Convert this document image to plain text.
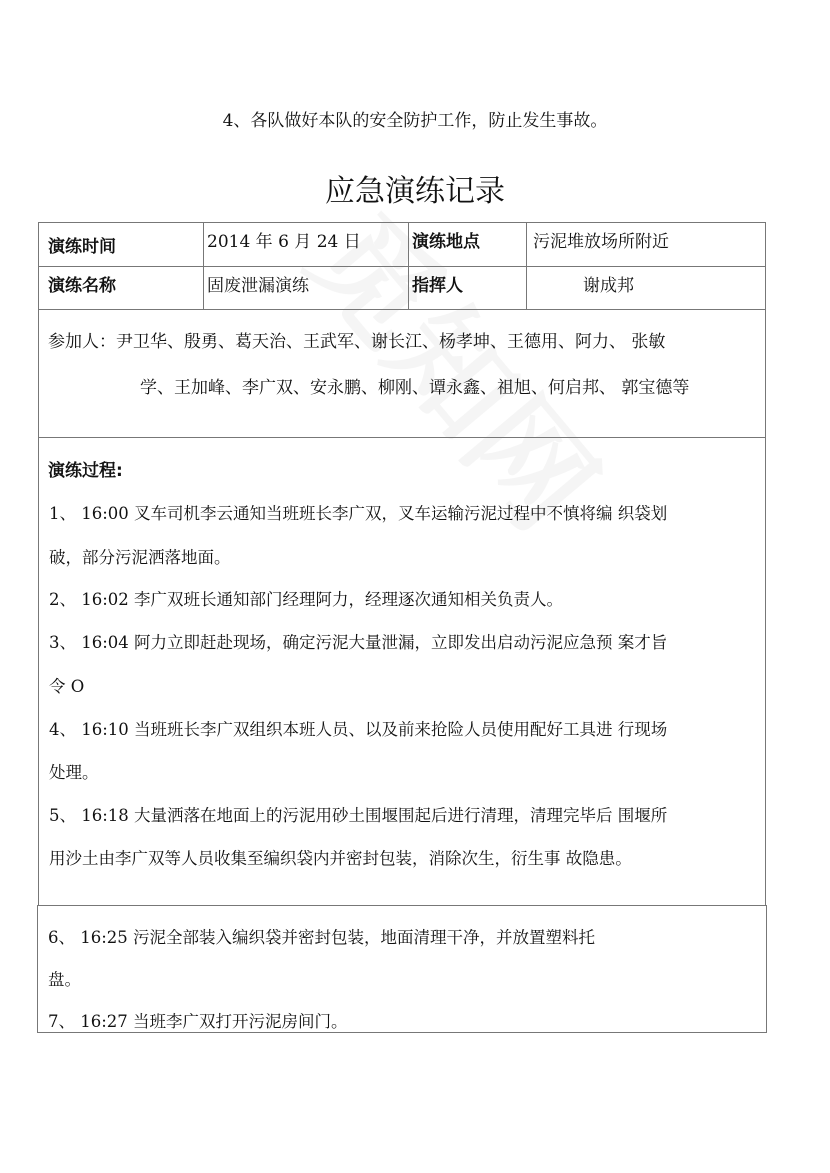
4、各队做好本队的安全防护工作，防止发生事故。
应急演练记录
演练时间	2014 年 6 月 24 日	演练地点	污泥堆放场所附近
演练名称	固废泄漏演练	指挥人	谢成邦
参加人：尹卫华、殷勇、葛天治、王武军、谢长江、杨孝坤、王德用、阿力、 张敏
学、王加峰、李广双、安永鹏、柳刚、谭永鑫、祖旭、何启邦、 郭宝德等
演练过程:
1、 16:00 叉车司机李云通知当班班长李广双，叉车运输污泥过程中不慎将编 织袋划
破，部分污泥洒落地面。
2、 16:02 李广双班长通知部门经理阿力，经理逐次通知相关负责人。
3、 16:04 阿力立即赶赴现场，确定污泥大量泄漏，立即发出启动污泥应急预 案才旨
令 O
4、 16:10 当班班长李广双组织本班人员、以及前来抢险人员使用配好工具进 行现场
处理。
5、 16:18 大量洒落在地面上的污泥用砂土围堰围起后进行清理，清理完毕后 围堰所
用沙土由李广双等人员收集至编织袋内并密封包装，消除次生，衍生事 故隐患。
6、 16:25 污泥全部装入编织袋并密封包装，地面清理干净，并放置塑料托
盘。
7、 16:27 当班李广双打开污泥房间门。
